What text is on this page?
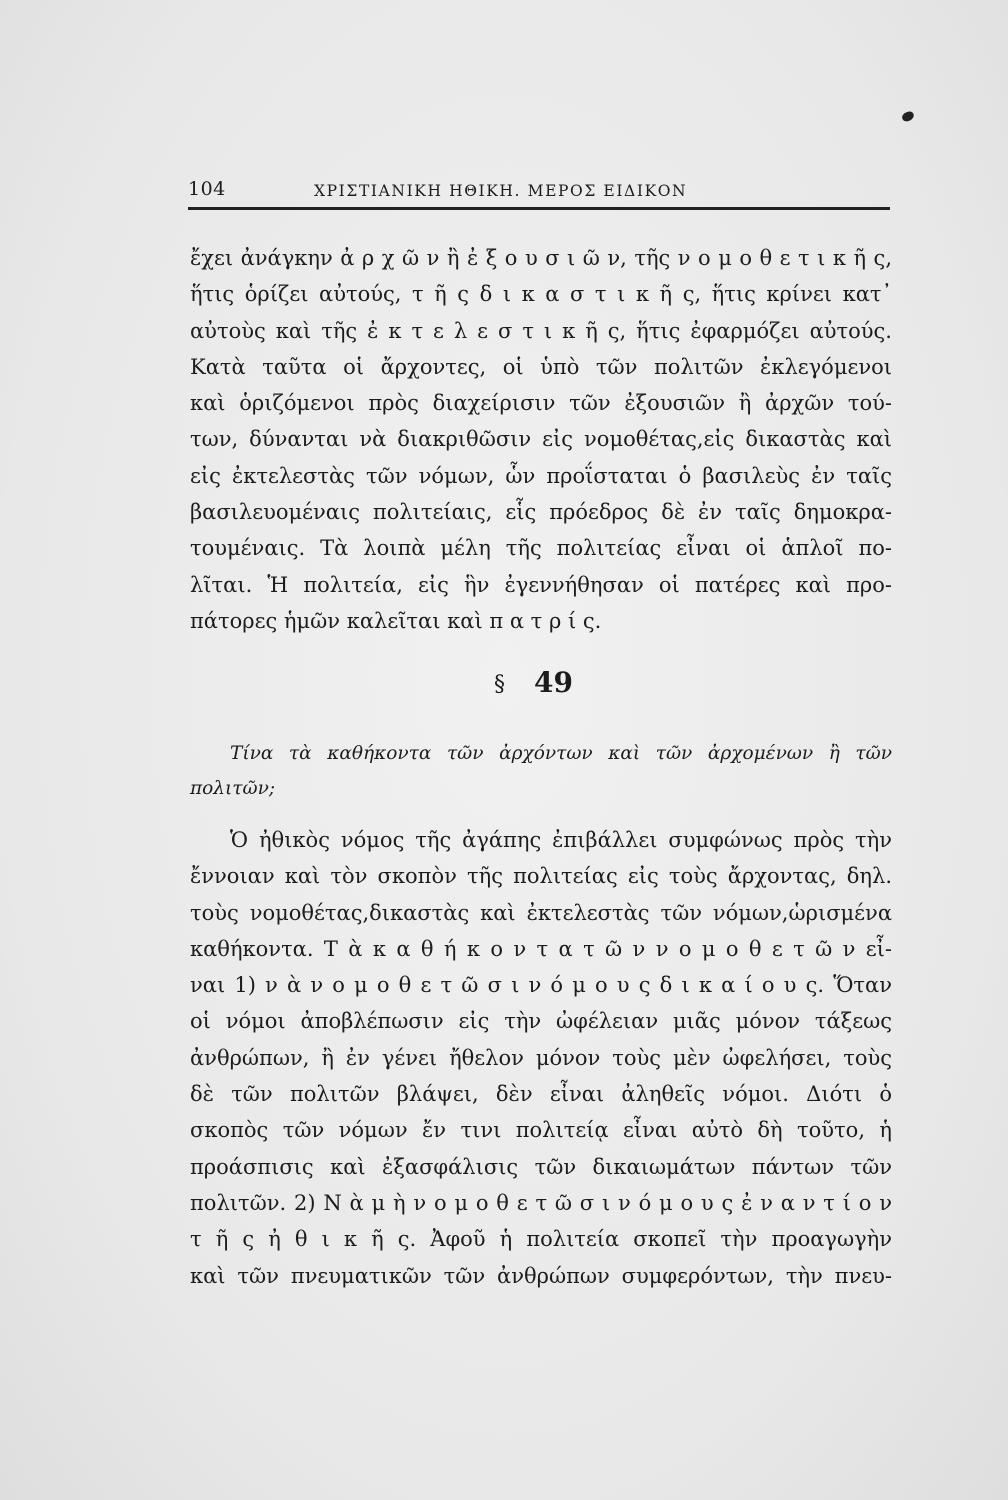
104	ΧΡΙΣΤΙΑΝΙΚΗ ΗΘΙΚΗ. ΜΕΡΟΣ ΕΙΔΙΚΟΝ
ἔχει ἀνάγκην ἀ ρ χ ῶ ν ἢ ἐ ξ ο υ σ ι ῶ ν, τῆς ν ο μ ο θ ε τ ι κ ῆ ς,
ἥτις ὁρίζει αὐτούς, τ ῆ ς δ ι κ α σ τ ι κ ῆ ς, ἥτις κρίνει κατ᾽
αὐτοὺς καὶ τῆς ἐ κ τ ε λ ε σ τ ι κ ῆ ς, ἥτις ἐφαρμόζει αὐτούς.
Κατὰ ταῦτα οἱ ἄρχοντες, οἱ ὑπὸ τῶν πολιτῶν ἐκλεγόμενοι
καὶ ὁριζόμενοι πρὸς διαχείρισιν τῶν ἐξουσιῶν ἢ ἀρχῶν τού-
των, δύνανται νὰ διακριθῶσιν εἰς νομοθέτας,εἰς δικαστὰς καὶ
εἰς ἐκτελεστὰς τῶν νόμων, ὧν προΐσταται ὁ βασιλεὺς ἐν ταῖς
βασιλευομέναις πολιτείαις, εἷς πρόεδρος δὲ ἐν ταῖς δημοκρα-
τουμέναις. Τὰ λοιπὰ μέλη τῆς πολιτείας εἶναι οἱ ἁπλοῖ πο-
λῖται. Ἡ πολιτεία, εἰς ἣν ἐγεννήθησαν οἱ πατέρες καὶ προ-
πάτορες ἡμῶν καλεῖται καὶ π α τ ρ ί ς.
§ 49
Τίνα τὰ καθήκοντα τῶν ἀρχόντων καὶ τῶν ἀρχομένων ἢ τῶν
πολιτῶν;
Ὁ ἠθικὸς νόμος τῆς ἀγάπης ἐπιβάλλει συμφώνως πρὸς τὴν
ἔννοιαν καὶ τὸν σκοπὸν τῆς πολιτείας εἰς τοὺς ἄρχοντας, δηλ.
τοὺς νομοθέτας,δικαστὰς καὶ ἐκτελεστὰς τῶν νόμων,ὡρισμένα
καθήκοντα. Τ ὰ κ α θ ή κ ο ν τ α τ ῶ ν ν ο μ ο θ ε τ ῶ ν εἶ-
ναι 1) ν ὰ ν ο μ ο θ ε τ ῶ σ ι ν ό μ ο υ ς δ ι κ α ί ο υ ς. Ὅταν
οἱ νόμοι ἀποβλέπωσιν εἰς τὴν ὠφέλειαν μιᾶς μόνον τάξεως
ἀνθρώπων, ἢ ἐν γένει ἤθελον μόνον τοὺς μὲν ὠφελήσει, τοὺς
δὲ τῶν πολιτῶν βλάψει, δὲν εἶναι ἀληθεῖς νόμοι. Διότι ὁ
σκοπὸς τῶν νόμων ἔν τινι πολιτείᾳ εἶναι αὐτὸ δὴ τοῦτο, ἡ
προάσπισις καὶ ἐξασφάλισις τῶν δικαιωμάτων πάντων τῶν
πολιτῶν. 2) Ν ὰ μ ὴ ν ο μ ο θ ε τ ῶ σ ι ν ό μ ο υ ς ἐ ν α ν τ ί ο ν
τ ῆ ς ἠ θ ι κ ῆ ς. Ἀφοῦ ἡ πολιτεία σκοπεῖ τὴν προαγωγὴν
καὶ τῶν πνευματικῶν τῶν ἀνθρώπων συμφερόντων, τὴν πνευ-
